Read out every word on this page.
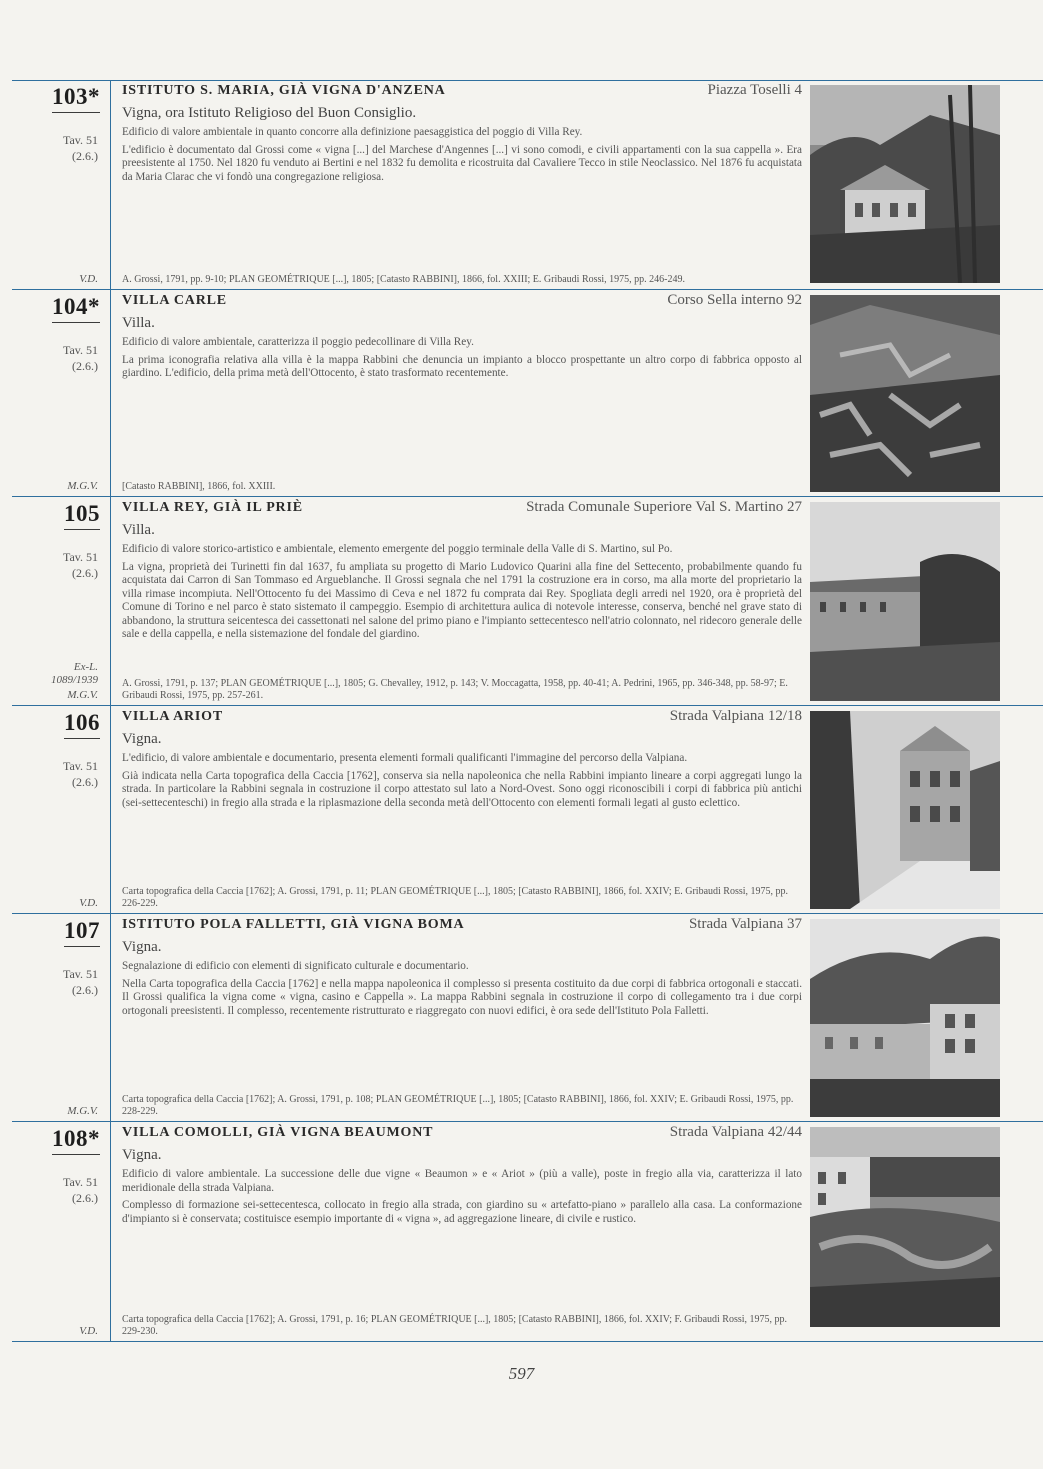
103*
Tav. 51
(2.6.)
V.D.
ISTITUTO S. MARIA, GIÀ VIGNA D'ANZENA	Piazza Toselli 4
Vigna, ora Istituto Religioso del Buon Consiglio.

Edificio di valore ambientale in quanto concorre alla definizione paesaggistica del poggio di Villa Rey.

L'edificio è documentato dal Grossi come « vigna [...] del Marchese d'Angennes [...] vi sono comodi, e civili appartamenti con la sua cappella ». Era preesistente al 1750. Nel 1820 fu venduto ai Bertini e nel 1832 fu demolita e ricostruita dal Cavaliere Tecco in stile Neoclassico. Nel 1876 fu acquistata da Maria Clarac che vi fondò una congregazione religiosa.

A. Grossi, 1791, pp. 9-10; PLAN GEOMÉTRIQUE [...], 1805; [Catasto RABBINI], 1866, fol. XXIII; E. Gribaudi Rossi, 1975, pp. 246-249.
104*
Tav. 51
(2.6.)
M.G.V.
VILLA CARLE	Corso Sella interno 92
Villa.

Edificio di valore ambientale, caratterizza il poggio pedecollinare di Villa Rey.

La prima iconografia relativa alla villa è la mappa Rabbini che denuncia un impianto a blocco prospettante un altro corpo di fabbrica opposto al giardino. L'edificio, della prima metà dell'Ottocento, è stato trasformato recentemente.

[Catasto RABBINI], 1866, fol. XXIII.
105
Tav. 51
(2.6.)
Ex-L.
1089/1939
M.G.V.
VILLA REY, GIÀ IL PRIÈ	Strada Comunale Superiore Val S. Martino 27
Villa.

Edificio di valore storico-artistico e ambientale, elemento emergente del poggio terminale della Valle di S. Martino, sul Po.

La vigna, proprietà dei Turinetti fin dal 1637, fu ampliata su progetto di Mario Ludovico Quarini alla fine del Settecento, probabilmente quando fu acquistata dai Carron di San Tommaso ed Argueblanche. Il Grossi segnala che nel 1791 la costruzione era in corso, ma alla morte del proprietario la villa rimase incompiuta. Nell'Ottocento fu dei Massimo di Ceva e nel 1872 fu comprata dai Rey. Spogliata degli arredi nel 1920, ora è proprietà del Comune di Torino e nel parco è stato sistemato il campeggio. Esempio di architettura aulica di notevole interesse, conserva, benché nel grave stato di abbandono, la struttura seicentesca dei cassettonati nel salone del primo piano e l'impianto settecentesco nell'atrio colonnato, nel ridecoro generale delle sale e della cappella, e nella sistemazione del fondale del giardino.

A. Grossi, 1791, p. 137; PLAN GEOMÉTRIQUE [...], 1805; G. Chevalley, 1912, p. 143; V. Moccagatta, 1958, pp. 40-41; A. Pedrini, 1965, pp. 346-348, pp. 58-97; E. Gribaudi Rossi, 1975, pp. 257-261.
106
Tav. 51
(2.6.)
V.D.
VILLA ARIOT	Strada Valpiana 12/18
Vigna.

L'edificio, di valore ambientale e documentario, presenta elementi formali qualificanti l'immagine del percorso della Valpiana.

Già indicata nella Carta topografica della Caccia [1762], conserva sia nella napoleonica che nella Rabbini impianto lineare a corpi aggregati lungo la strada. In particolare la Rabbini segnala in costruzione il corpo attestato sul lato a Nord-Ovest. Sono oggi riconoscibili i corpi di fabbrica più antichi (sei-settecenteschi) in fregio alla strada e la riplasmazione della seconda metà dell'Ottocento con elementi formali legati al gusto eclettico.

Carta topografica della Caccia [1762]; A. Grossi, 1791, p. 11; PLAN GEOMÉTRIQUE [...], 1805; [Catasto RABBINI], 1866, fol. XXIV; E. Gribaudi Rossi, 1975, pp. 226-229.
107
Tav. 51
(2.6.)
M.G.V.
ISTITUTO POLA FALLETTI, GIÀ VIGNA BOMA	Strada Valpiana 37
Vigna.

Segnalazione di edificio con elementi di significato culturale e documentario.

Nella Carta topografica della Caccia [1762] e nella mappa napoleonica il complesso si presenta costituito da due corpi di fabbrica ortogonali e staccati. Il Grossi qualifica la vigna come « vigna, casino e Cappella ». La mappa Rabbini segnala in costruzione il corpo di collegamento tra i due corpi ortogonali preesistenti. Il complesso, recentemente ristrutturato e riaggregato con nuovi edifici, è ora sede dell'Istituto Pola Falletti.

Carta topografica della Caccia [1762]; A. Grossi, 1791, p. 108; PLAN GEOMÉTRIQUE [...], 1805; [Catasto RABBINI], 1866, fol. XXIV; E. Gribaudi Rossi, 1975, pp. 228-229.
108*
Tav. 51
(2.6.)
V.D.
VILLA COMOLLI, GIÀ VIGNA BEAUMONT	Strada Valpiana 42/44
Vigna.

Edificio di valore ambientale. La successione delle due vigne « Beaumon » e « Ariot » (più a valle), poste in fregio alla via, caratterizza il lato meridionale della strada Valpiana.

Complesso di formazione sei-settecentesca, collocato in fregio alla strada, con giardino su « artefatto-piano » parallelo alla casa. La conformazione d'impianto si è conservata; costituisce esempio importante di « vigna », ad aggregazione lineare, di civile e rustico.

Carta topografica della Caccia [1762]; A. Grossi, 1791, p. 16; PLAN GEOMÉTRIQUE [...], 1805; [Catasto RABBINI], 1866, fol. XXIV; F. Gribaudi Rossi, 1975, pp. 229-230.
597
